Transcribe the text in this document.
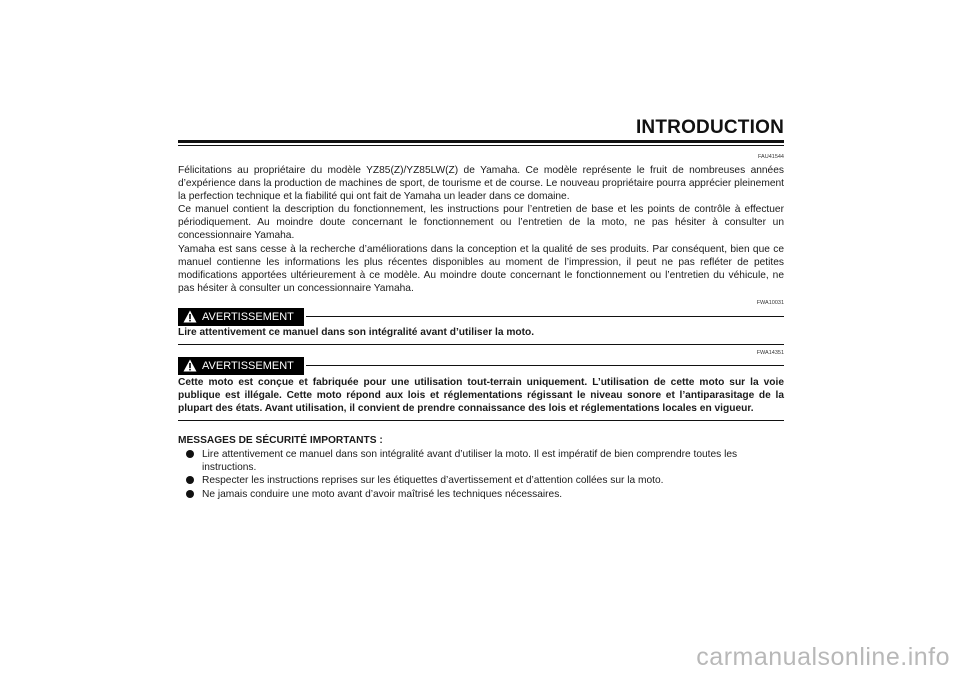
INTRODUCTION
FAU41544

Félicitations au propriétaire du modèle YZ85(Z)/YZ85LW(Z) de Yamaha. Ce modèle représente le fruit de nombreuses années d’expérience dans la production de machines de sport, de tourisme et de course. Le nouveau propriétaire pourra apprécier pleinement la perfection technique et la fiabilité qui ont fait de Yamaha un leader dans ce domaine.

Ce manuel contient la description du fonctionnement, les instructions pour l’entretien de base et les points de contrôle à effectuer périodiquement. Au moindre doute concernant le fonctionnement ou l’entretien de la moto, ne pas hésiter à consulter un concessionnaire Yamaha.

Yamaha est sans cesse à la recherche d’améliorations dans la conception et la qualité de ses produits. Par conséquent, bien que ce manuel contienne les informations les plus récentes disponibles au moment de l’impression, il peut ne pas refléter de petites modifications apportées ultérieurement à ce modèle. Au moindre doute concernant le fonctionnement ou l’entretien du véhicule, ne pas hésiter à consulter un concessionnaire Yamaha.

FWA10031
AVERTISSEMENT
Lire attentivement ce manuel dans son intégralité avant d’utiliser la moto.
FWA14351
AVERTISSEMENT
Cette moto est conçue et fabriquée pour une utilisation tout-terrain uniquement. L’utilisation de cette moto sur la voie publique est illégale. Cette moto répond aux lois et réglementations régissant le niveau sonore et l’antiparasitage de la plupart des états. Avant utilisation, il convient de prendre connaissance des lois et réglementations locales en vigueur.
MESSAGES DE SÉCURITÉ IMPORTANTS :
Lire attentivement ce manuel dans son intégralité avant d’utiliser la moto. Il est impératif de bien comprendre toutes les instructions.
Respecter les instructions reprises sur les étiquettes d’avertissement et d’attention collées sur la moto.
Ne jamais conduire une moto avant d’avoir maîtrisé les techniques nécessaires.
carmanualsonline.info
